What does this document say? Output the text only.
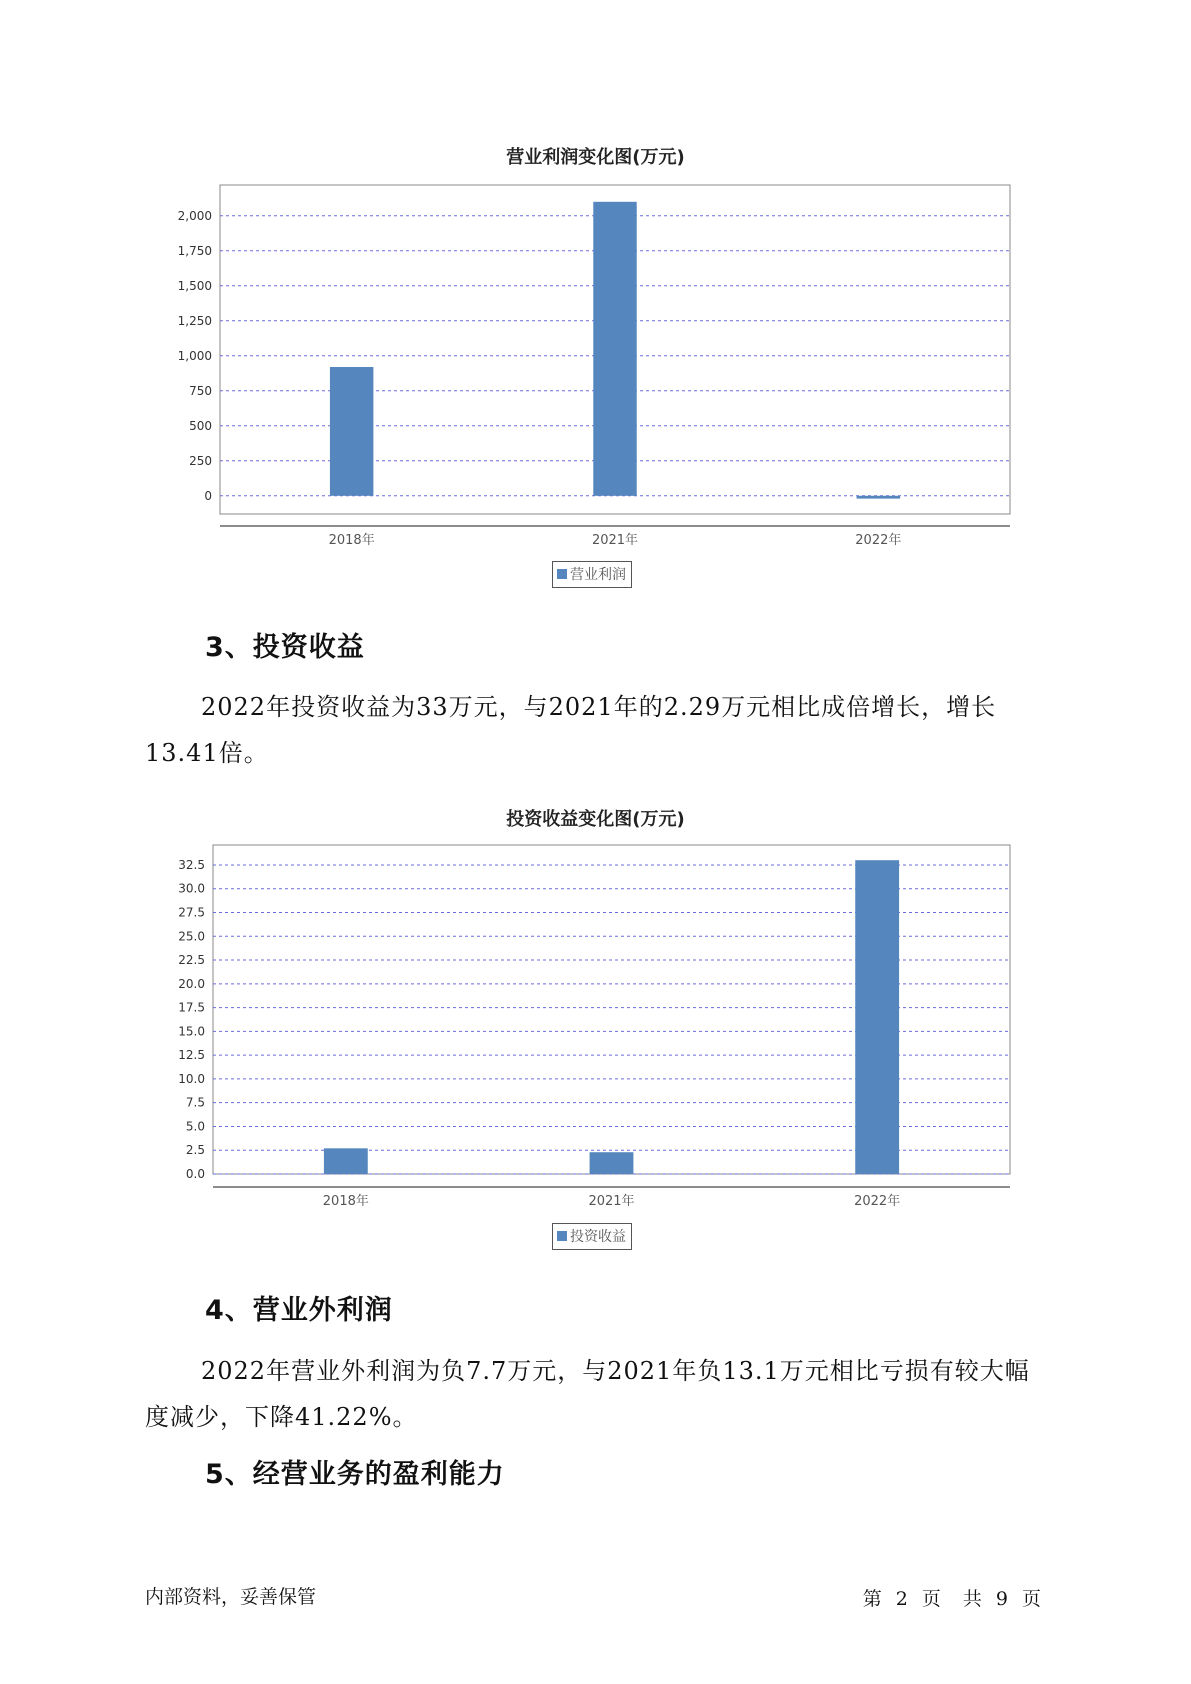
营业利润变化图(万元)
0
250
500
750
1,000
1,250
1,500
1,750
2,000
2018年	2021年	2022年
营业利润
3、投资收益
2022年投资收益为33万元，与2021年的2.29万元相比成倍增长，增长13.41倍。
投资收益变化图(万元)
0.0
2.5
5.0
7.5
10.0
12.5
15.0
17.5
20.0
22.5
25.0
27.5
30.0
32.5
2018年	2021年	2022年
投资收益
4、营业外利润
2022年营业外利润为负7.7万元，与2021年负13.1万元相比亏损有较大幅度减少，下降41.22%。
5、经营业务的盈利能力
内部资料，妥善保管	第 2 页 共 9 页
